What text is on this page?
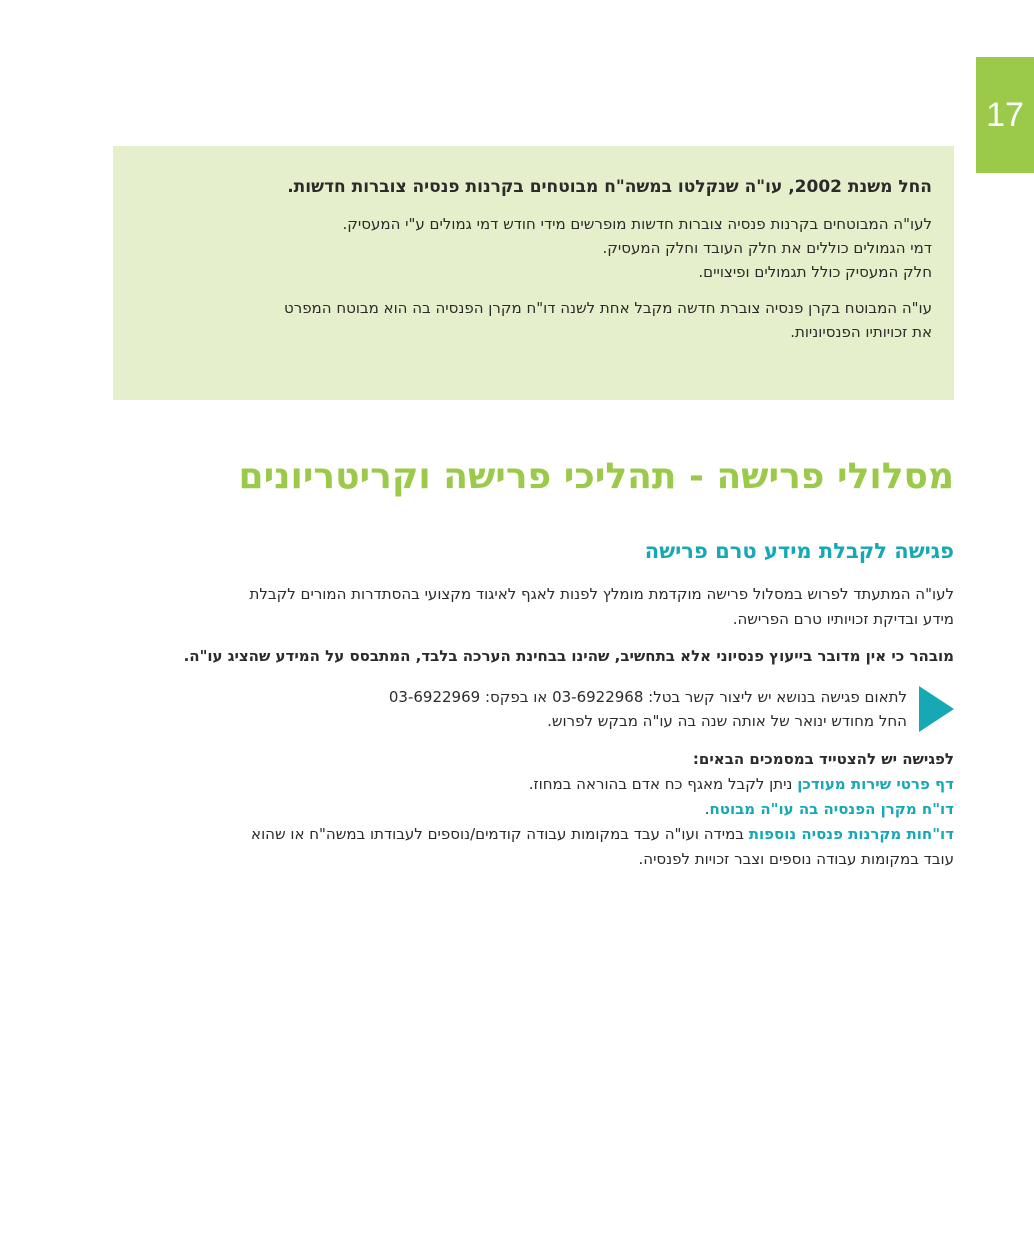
17

החל משנת 2002, עו"ה שנקלטו במשה"ח מבוטחים בקרנות פנסיה צוברות חדשות.

לעו"ה המבוטחים בקרנות פנסיה צוברות חדשות מופרשים מידי חודש דמי גמולים ע"י המעסיק.

דמי הגמולים כוללים את חלק העובד וחלק המעסיק.

חלק המעסיק כולל תגמולים ופיצויים.

עו"ה המבוטח בקרן פנסיה צוברת חדשה מקבל אחת לשנה דו"ח מקרן הפנסיה בה הוא מבוטח המפרט

את זכויותיו הפנסיוניות.

מסלולי פרישה - תהליכי פרישה וקריטריונים
פגישה לקבלת מידע טרם פרישה

לעו"ה המתעתד לפרוש במסלול פרישה מוקדמת מומלץ לפנות לאגף לאיגוד מקצועי בהסתדרות המורים לקבלת

מידע ובדיקת זכויותיו טרם הפרישה.

מובהר כי אין מדובר בייעוץ פנסיוני אלא בתחשיב, שהינו בבחינת הערכה בלבד, המתבסס על המידע שהציג עו"ה.

לתאום פגישה בנושא יש ליצור קשר בטל: 03-6922968 או בפקס: 03-6922969

החל מחודש ינואר של אותה שנה בה עו"ה מבקש לפרוש.

לפגישה יש להצטייד במסמכים הבאים:

דף פרטי שירות מעודכן ניתן לקבל מאגף כח אדם בהוראה במחוז.

דו"ח מקרן הפנסיה בה עו"ה מבוטח.

דו"חות מקרנות פנסיה נוספות במידה ועו"ה עבד במקומות עבודה קודמים/נוספים לעבודתו במשה"ח או שהוא

עובד במקומות עבודה נוספים וצבר זכויות לפנסיה.
